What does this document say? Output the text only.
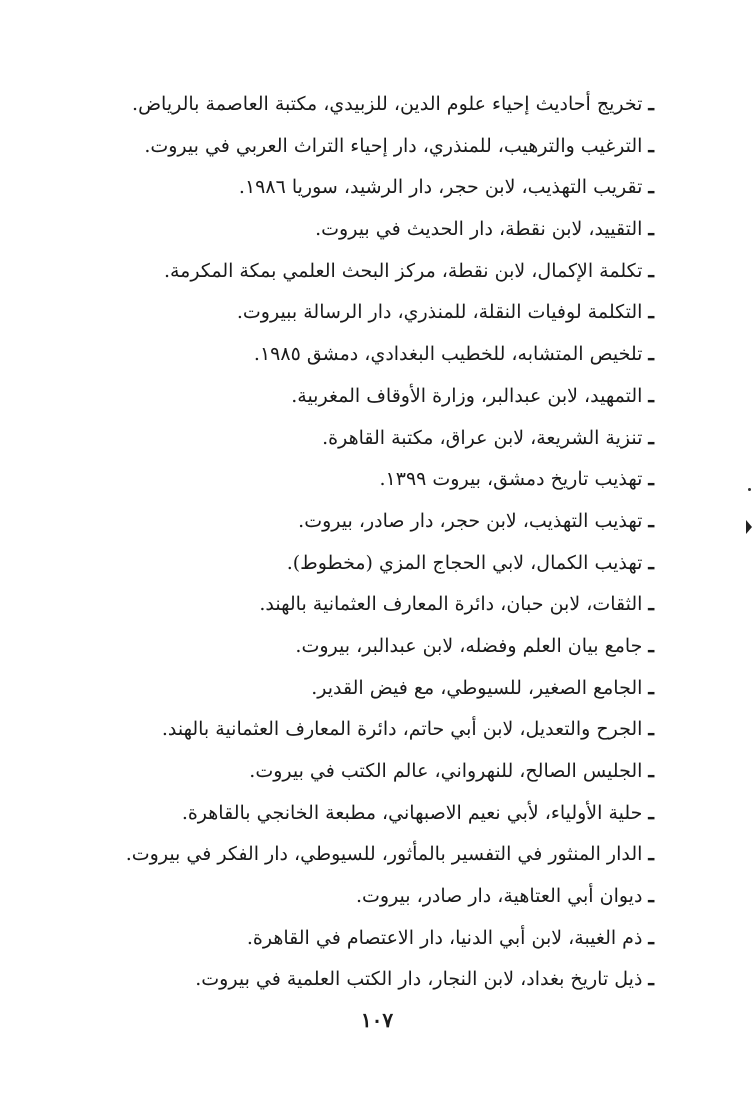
ـتخريج أحاديث إحياء علوم الدين، للزبيدي، مكتبة العاصمة بالرياض.
ـالترغيب والترهيب، للمنذري، دار إحياء التراث العربي في بيروت.
ـتقريب التهذيب، لابن حجر، دار الرشيد، سوريا ١٩٨٦.
ـالتقييد، لابن نقطة، دار الحديث في بيروت.
ـتكلمة الإكمال، لابن نقطة، مركز البحث العلمي بمكة المكرمة.
ـالتكلمة لوفيات النقلة، للمنذري، دار الرسالة ببيروت.
ـتلخيص المتشابه، للخطيب البغدادي، دمشق ١٩٨٥.
ـالتمهيد، لابن عبدالبر، وزارة الأوقاف المغربية.
ـتنزية الشريعة، لابن عراق، مكتبة القاهرة.
ـتهذيب تاريخ دمشق، بيروت ١٣٩٩.
ـتهذيب التهذيب، لابن حجر، دار صادر، بيروت.
ـتهذيب الكمال، لابي الحجاج المزي (مخطوط).
ـالثقات، لابن حبان، دائرة المعارف العثمانية بالهند.
ـجامع بيان العلم وفضله، لابن عبدالبر، بيروت.
ـالجامع الصغير، للسيوطي، مع فيض القدير.
ـالجرح والتعديل، لابن أبي حاتم، دائرة المعارف العثمانية بالهند.
ـالجليس الصالح، للنهرواني، عالم الكتب في بيروت.
ـحلية الأولياء، لأبي نعيم الاصبهاني، مطبعة الخانجي بالقاهرة.
ـالدار المنثور في التفسير بالمأثور، للسيوطي، دار الفكر في بيروت.
ـديوان أبي العتاهية، دار صادر، بيروت.
ـذم الغيبة، لابن أبي الدنيا، دار الاعتصام في القاهرة.
ـذيل تاريخ بغداد، لابن النجار، دار الكتب العلمية في بيروت.
١٠٧
